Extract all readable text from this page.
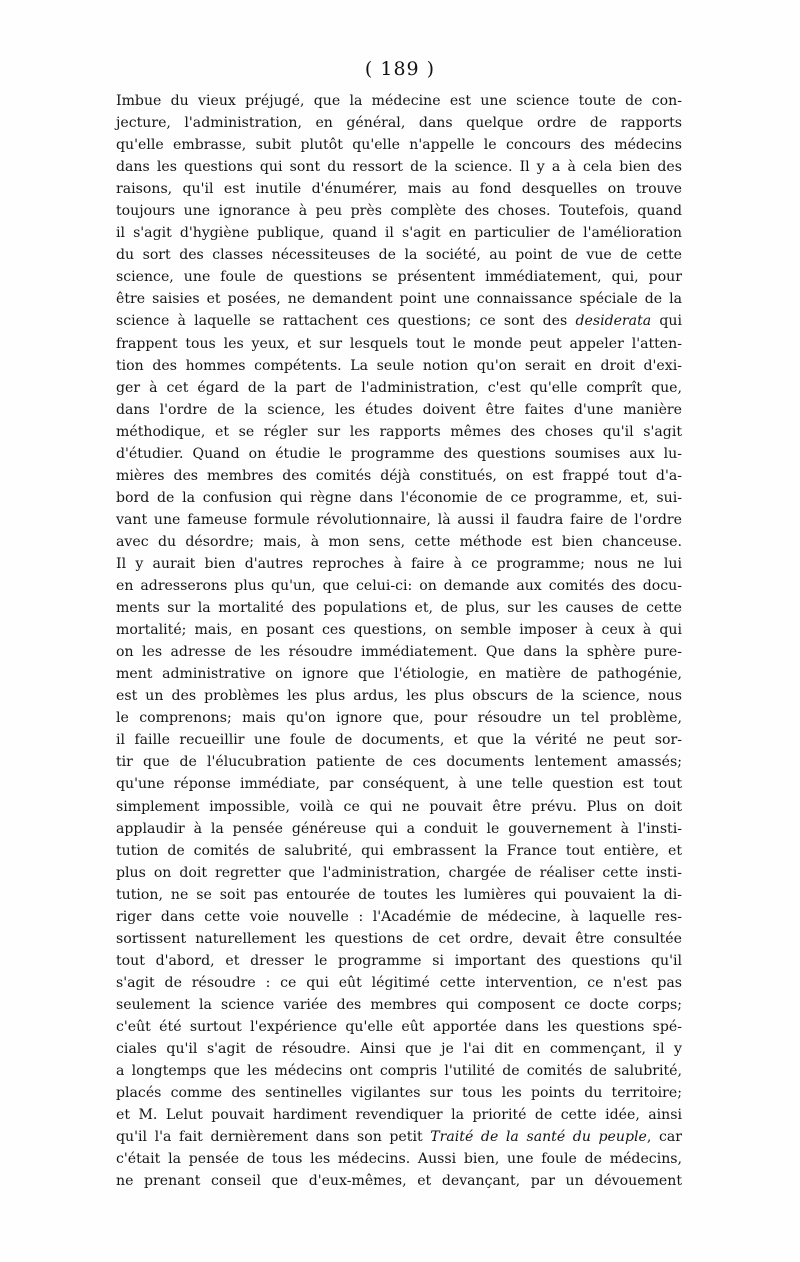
( 189 )
Imbue du vieux préjugé, que la médecine est une science toute de con-
jecture, l'administration, en général, dans quelque ordre de rapports
qu'elle embrasse, subit plutôt qu'elle n'appelle le concours des médecins
dans les questions qui sont du ressort de la science. Il y a à cela bien des
raisons, qu'il est inutile d'énumérer, mais au fond desquelles on trouve
toujours une ignorance à peu près complète des choses. Toutefois, quand
il s'agit d'hygiène publique, quand il s'agit en particulier de l'amélioration
du sort des classes nécessiteuses de la société, au point de vue de cette
science, une foule de questions se présentent immédiatement, qui, pour
être saisies et posées, ne demandent point une connaissance spéciale de la
science à laquelle se rattachent ces questions; ce sont des desiderata qui
frappent tous les yeux, et sur lesquels tout le monde peut appeler l'atten-
tion des hommes compétents. La seule notion qu'on serait en droit d'exi-
ger à cet égard de la part de l'administration, c'est qu'elle comprît que,
dans l'ordre de la science, les études doivent être faites d'une manière
méthodique, et se régler sur les rapports mêmes des choses qu'il s'agit
d'étudier. Quand on étudie le programme des questions soumises aux lu-
mières des membres des comités déjà constitués, on est frappé tout d'a-
bord de la confusion qui règne dans l'économie de ce programme, et, sui-
vant une fameuse formule révolutionnaire, là aussi il faudra faire de l'ordre
avec du désordre; mais, à mon sens, cette méthode est bien chanceuse.
Il y aurait bien d'autres reproches à faire à ce programme; nous ne lui
en adresserons plus qu'un, que celui-ci: on demande aux comités des docu-
ments sur la mortalité des populations et, de plus, sur les causes de cette
mortalité; mais, en posant ces questions, on semble imposer à ceux à qui
on les adresse de les résoudre immédiatement. Que dans la sphère pure-
ment administrative on ignore que l'étiologie, en matière de pathogénie,
est un des problèmes les plus ardus, les plus obscurs de la science, nous
le comprenons; mais qu'on ignore que, pour résoudre un tel problème,
il faille recueillir une foule de documents, et que la vérité ne peut sor-
tir que de l'élucubration patiente de ces documents lentement amassés;
qu'une réponse immédiate, par conséquent, à une telle question est tout
simplement impossible, voilà ce qui ne pouvait être prévu. Plus on doit
applaudir à la pensée généreuse qui a conduit le gouvernement à l'insti-
tution de comités de salubrité, qui embrassent la France tout entière, et
plus on doit regretter que l'administration, chargée de réaliser cette insti-
tution, ne se soit pas entourée de toutes les lumières qui pouvaient la di-
riger dans cette voie nouvelle : l'Académie de médecine, à laquelle res-
sortissent naturellement les questions de cet ordre, devait être consultée
tout d'abord, et dresser le programme si important des questions qu'il
s'agit de résoudre : ce qui eût légitimé cette intervention, ce n'est pas
seulement la science variée des membres qui composent ce docte corps;
c'eût été surtout l'expérience qu'elle eût apportée dans les questions spé-
ciales qu'il s'agit de résoudre. Ainsi que je l'ai dit en commençant, il y
a longtemps que les médecins ont compris l'utilité de comités de salubrité,
placés comme des sentinelles vigilantes sur tous les points du territoire;
et M. Lelut pouvait hardiment revendiquer la priorité de cette idée, ainsi
qu'il l'a fait dernièrement dans son petit Traité de la santé du peuple, car
c'était la pensée de tous les médecins. Aussi bien, une foule de médecins,
ne prenant conseil que d'eux-mêmes, et devançant, par un dévouement
